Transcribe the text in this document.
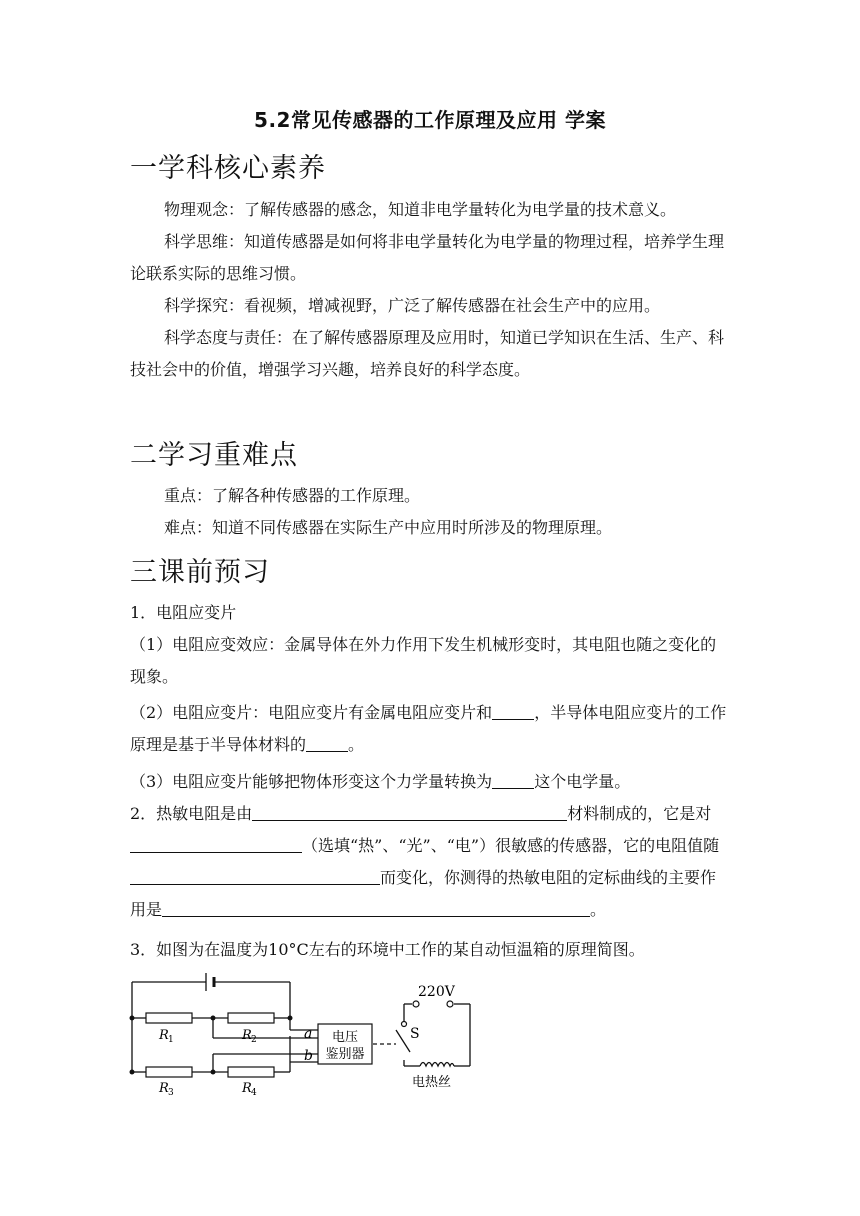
5.2常见传感器的工作原理及应用 学案
一学科核心素养
物理观念：了解传感器的感念，知道非电学量转化为电学量的技术意义。
科学思维：知道传感器是如何将非电学量转化为电学量的物理过程，培养学生理论联系实际的思维习惯。
科学探究：看视频，增减视野，广泛了解传感器在社会生产中的应用。
科学态度与责任：在了解传感器原理及应用时，知道已学知识在生活、生产、科技社会中的价值，增强学习兴趣，培养良好的科学态度。
二学习重难点
重点：了解各种传感器的工作原理。
难点：知道不同传感器在实际生产中应用时所涉及的物理原理。
三课前预习
1．电阻应变片
（1）电阻应变效应：金属导体在外力作用下发生机械形变时，其电阻也随之变化的现象。
（2）电阻应变片：电阻应变片有金属电阻应变片和	，半导体电阻应变片的工作原理是基于半导体材料的	。
（3）电阻应变片能够把物体形变这个力学量转换为	这个电学量。
2．热敏电阻是由	材料制成的，它是对（选填“热”、“光”、“电”）很敏感的传感器，它的电阻值随而变化，你测得的热敏电阻的定标曲线的主要作用是	。
3．如图为在温度为10°C左右的环境中工作的某自动恒温箱的原理简图。
电压
鉴别器
R 1	R 2
R 3	R 4
a
b
220V
S
电热丝
